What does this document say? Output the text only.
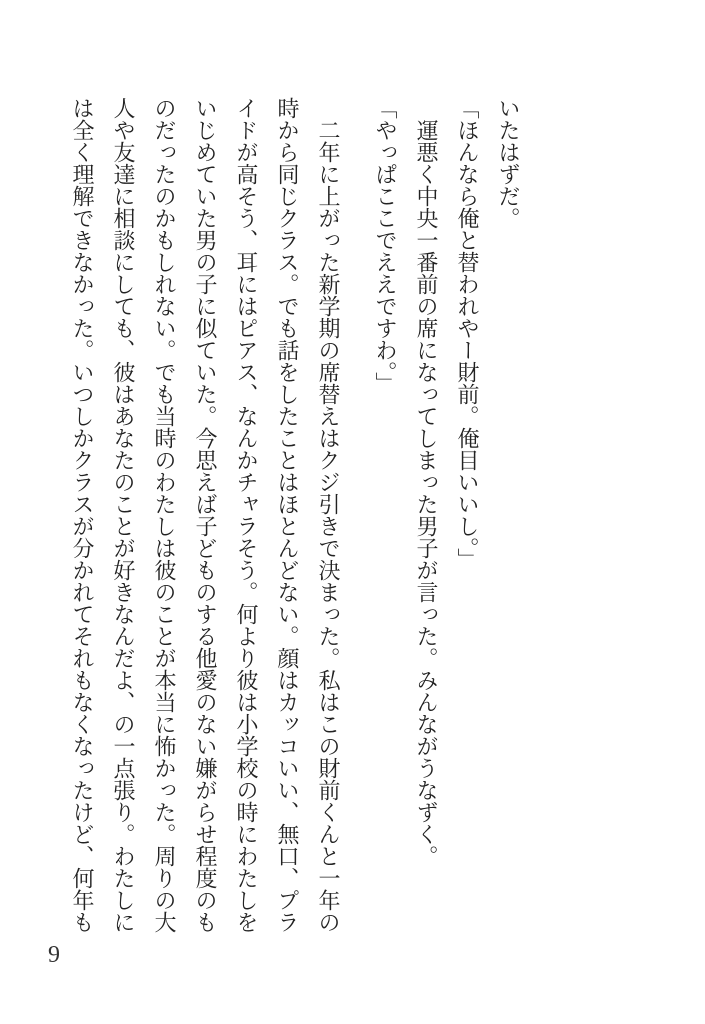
いたはずだ。

「ほんなら俺と替われやー財前。俺目いいし。」

運悪く中央一番前の席になってしまった男子が言った。みんながうなずく。

「やっぱここでええですわ。」

二年に上がった新学期の席替えはクジ引きで決まった。私はこの財前くんと一年の時から同じクラス。でも話をしたことはほとんどない。顔はカッコいい、無口、プライドが高そう、耳にはピアス、なんかチャラそう。何より彼は小学校の時にわたしをいじめていた男の子に似ていた。今思えば子どものする他愛のない嫌がらせ程度のものだったのかもしれない。でも当時のわたしは彼のことが本当に怖かった。周りの大人や友達に相談にしても、彼はあなたのことが好きなんだよ、の一点張り。わたしには全く理解できなかった。いつしかクラスが分かれてそれもなくなったけど、何年も

9
